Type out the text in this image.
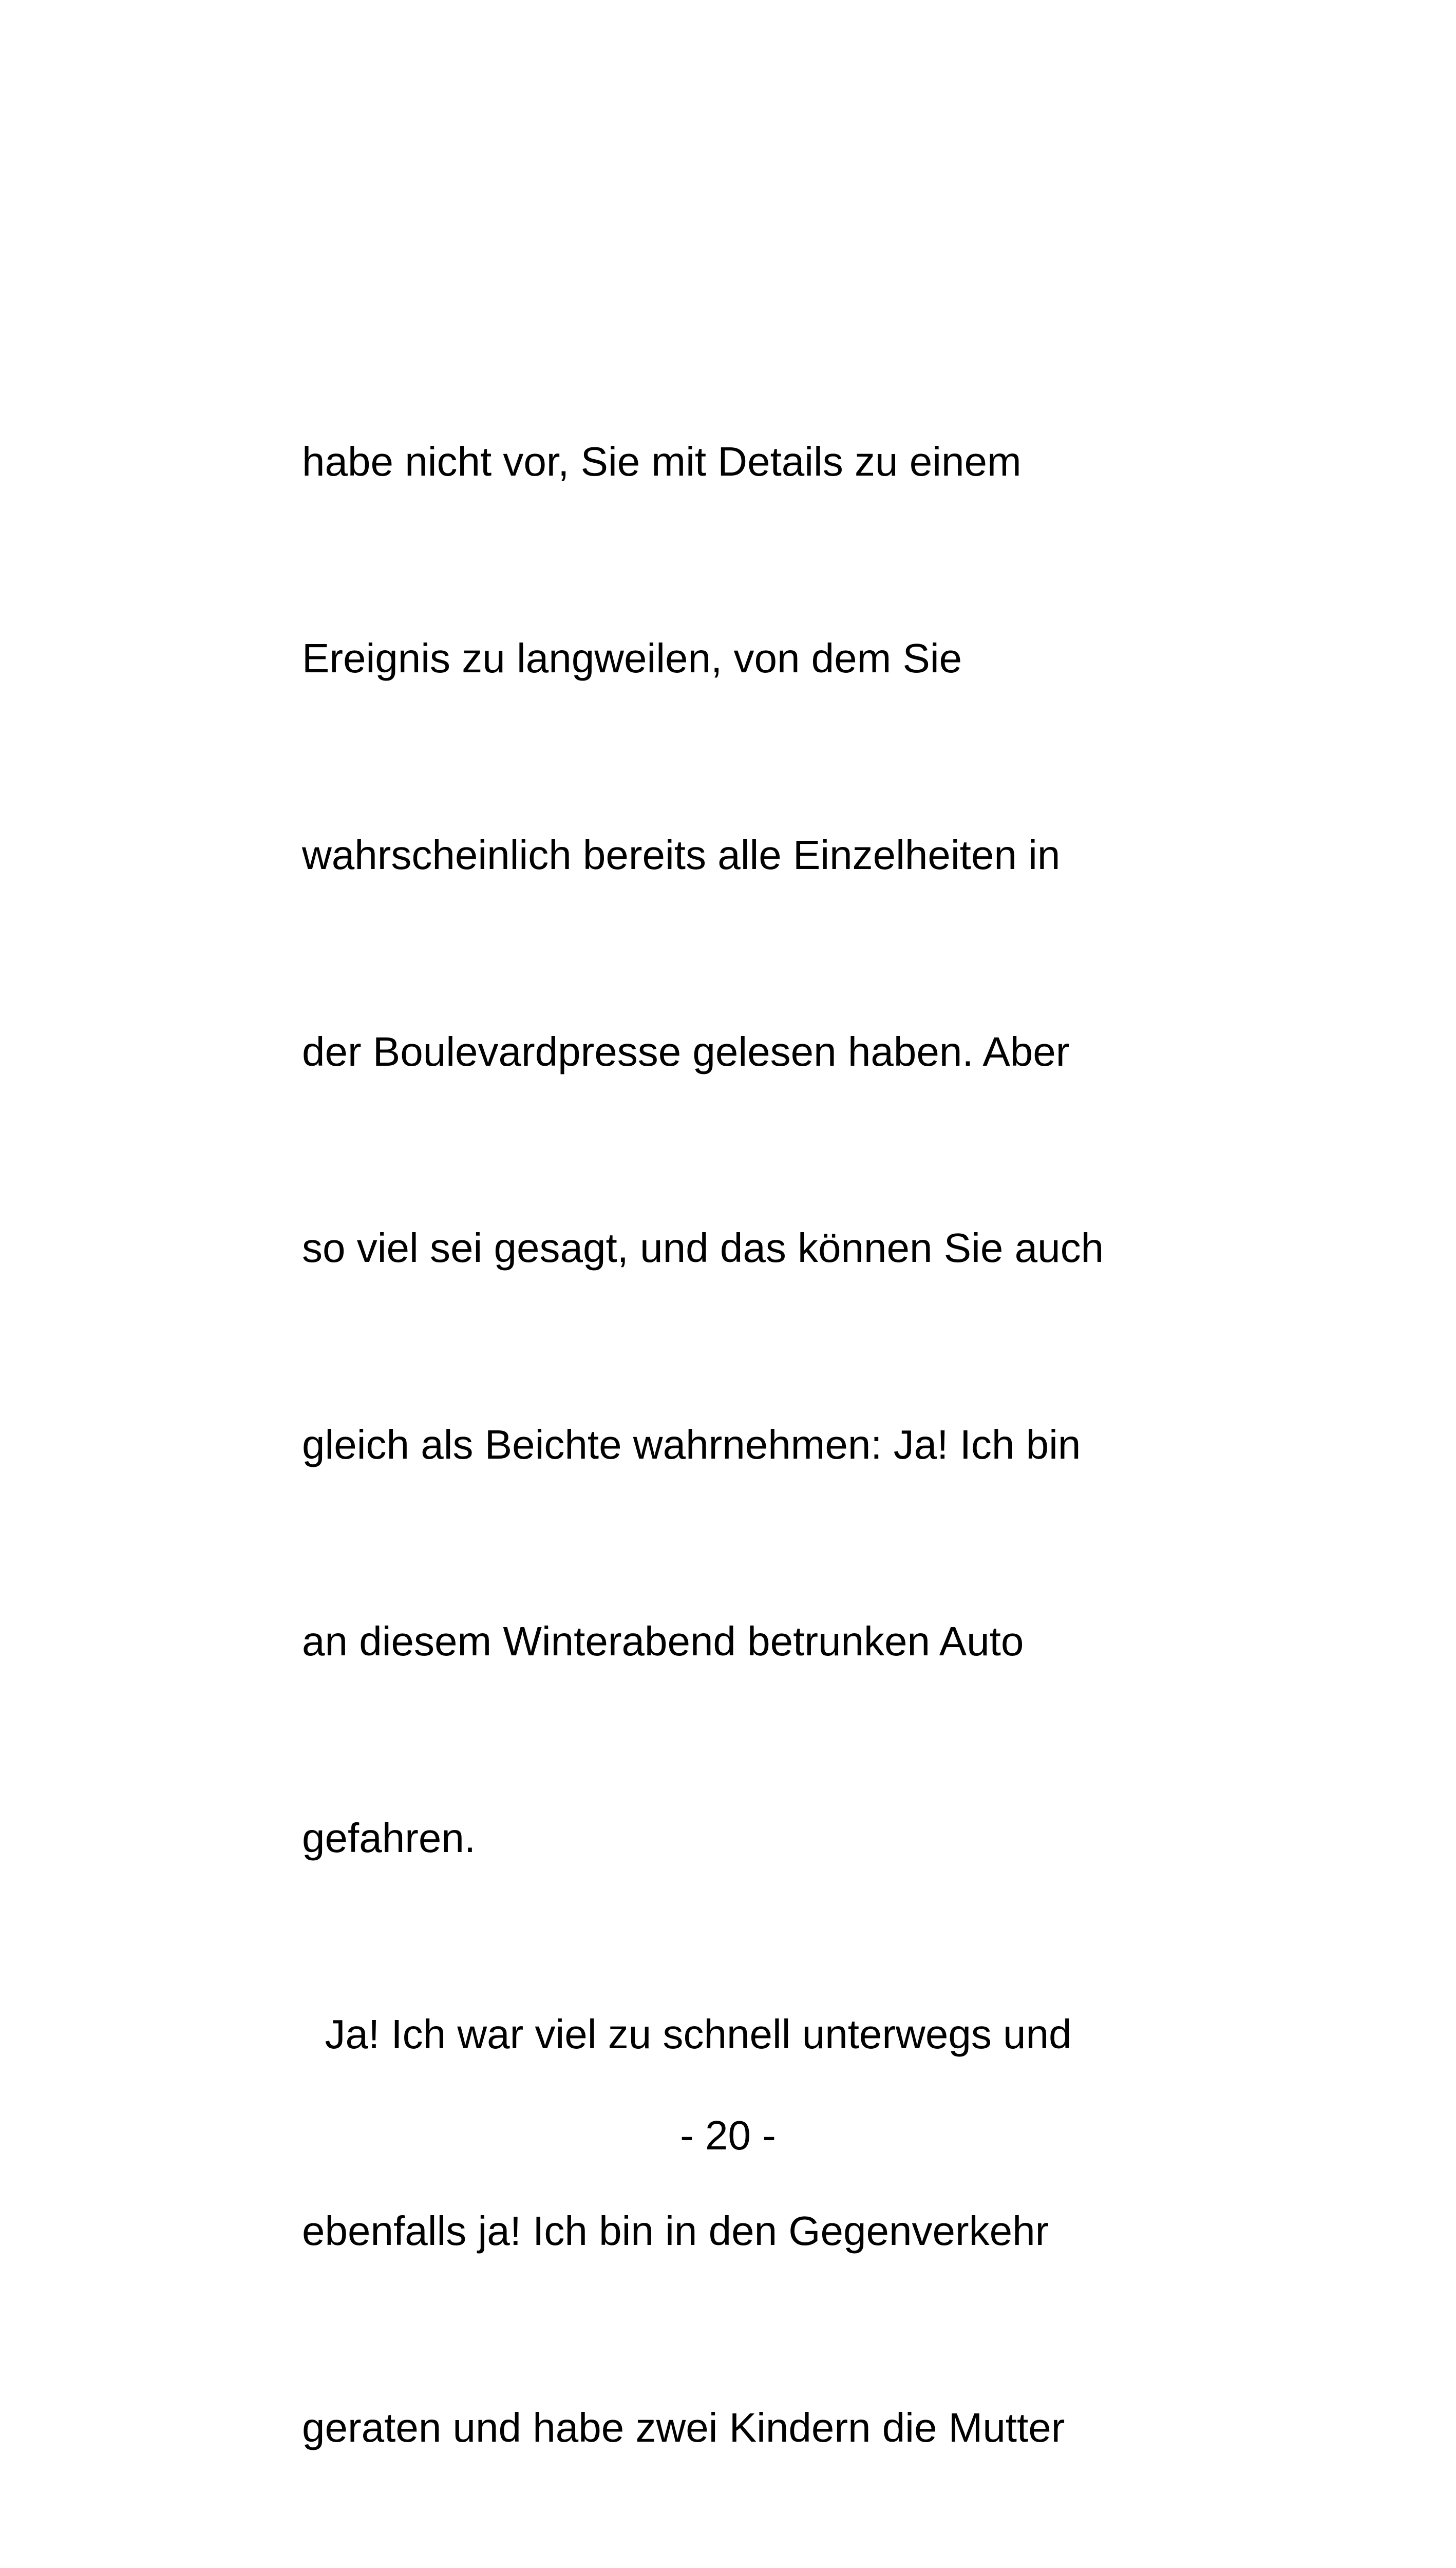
habe nicht vor, Sie mit Details zu einem

Ereignis zu langweilen, von dem Sie

wahrscheinlich bereits alle Einzelheiten in

der Boulevardpresse gelesen haben. Aber

so viel sei gesagt, und das können Sie auch

gleich als Beichte wahrnehmen: Ja! Ich bin

an diesem Winterabend betrunken Auto

gefahren.

Ja! Ich war viel zu schnell unterwegs und

ebenfalls ja! Ich bin in den Gegenverkehr

geraten und habe zwei Kindern die Mutter

- 20 -
